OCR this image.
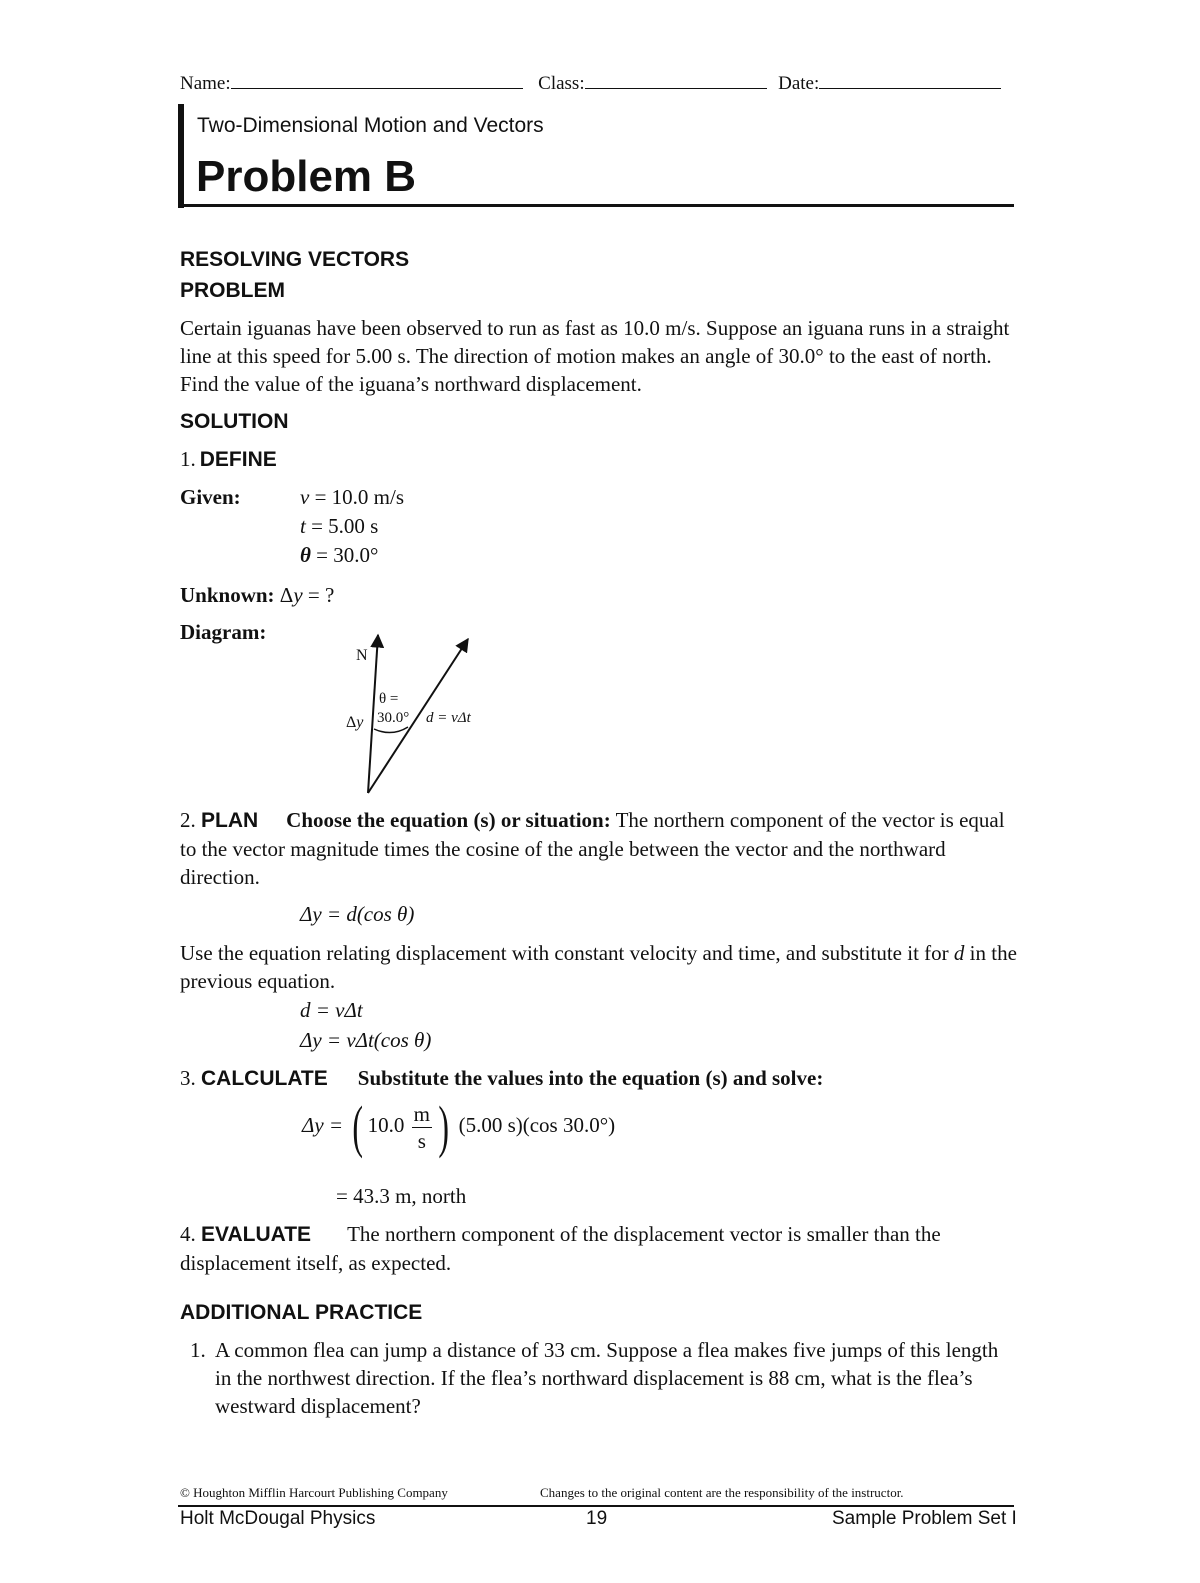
Name:	Class:	Date:
Two-Dimensional Motion and Vectors
Problem B
RESOLVING VECTORS
PROBLEM
Certain iguanas have been observed to run as fast as 10.0 m/s. Suppose an iguana runs in a straight line at this speed for 5.00 s. The direction of motion makes an angle of 30.0° to the east of north. Find the value of the iguana’s northward displacement.
SOLUTION
1. DEFINE
Given:	v = 10.0 m/s
t = 5.00 s
θ = 30.0°
Unknown: Δy = ?
Diagram:
N
θ =
30.0°
Δy	d = vΔt
2. PLAN Choose the equation (s) or situation: The northern component of the vector is equal to the vector magnitude times the cosine of the angle between the vector and the northward direction.
Δy = d(cos θ)
Use the equation relating displacement with constant velocity and time, and substitute it for d in the previous equation.
d = vΔt
Δy = vΔt(cos θ)
3. CALCULATE Substitute the values into the equation (s) and solve:
Δy = ( $10.0 \frac{m}{s}$ ) (5.00 s)(cos 30.0°)
= 43.3 m, north
4. EVALUATE The northern component of the displacement vector is smaller than the displacement itself, as expected.
ADDITIONAL PRACTICE
1. A common flea can jump a distance of 33 cm. Suppose a flea makes five jumps of this length in the northwest direction. If the flea’s northward displacement is 88 cm, what is the flea’s westward displacement?
© Houghton Mifflin Harcourt Publishing Company	Changes to the original content are the responsibility of the instructor.
Holt McDougal Physics	19	Sample Problem Set I
